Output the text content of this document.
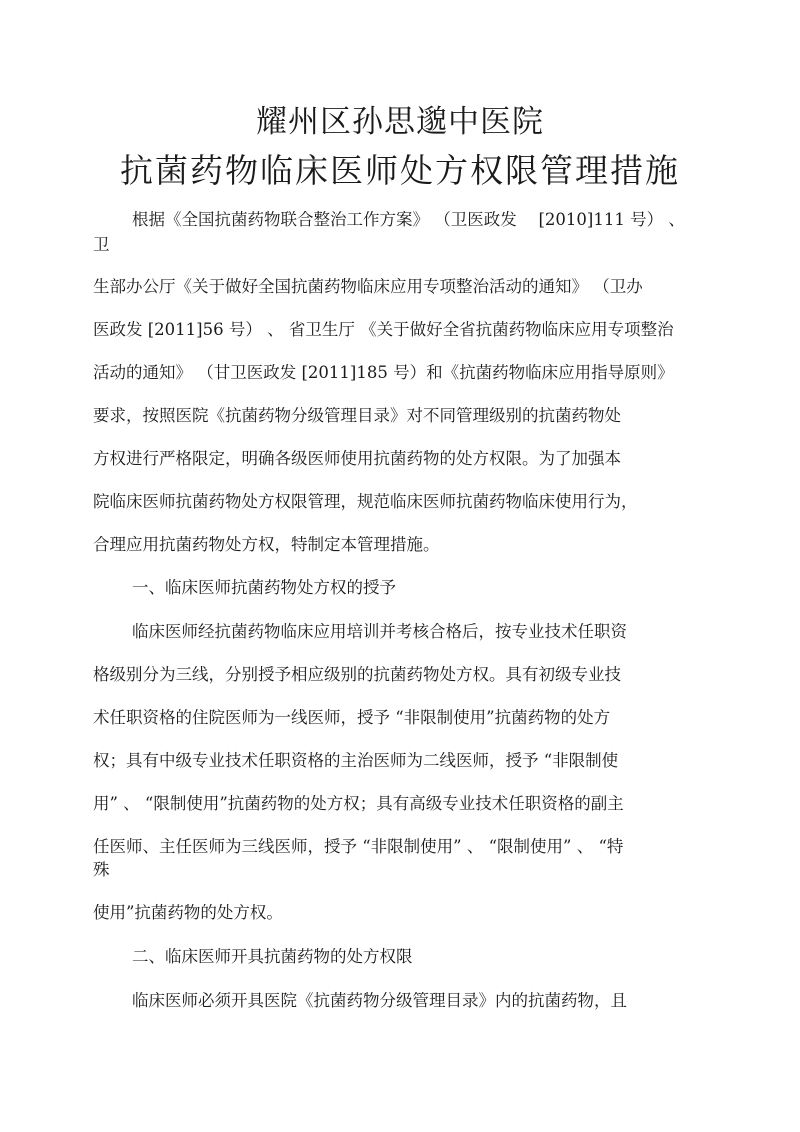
耀州区孙思邈中医院
抗菌药物临床医师处方权限管理措施
根据《全国抗菌药物联合整治工作方案》 （卫医政发 　[2010]111 号） 、
卫
生部办公厅《关于做好全国抗菌药物临床应用专项整治活动的通知》 （卫办
医政发 [2011]56 号） 、 省卫生厅 《关于做好全省抗菌药物临床应用专项整治
活动的通知》 （甘卫医政发 [2011]185 号）和《抗菌药物临床应用指导原则》
要求，按照医院《抗菌药物分级管理目录》对不同管理级别的抗菌药物处
方权进行严格限定，明确各级医师使用抗菌药物的处方权限。为了加强本
院临床医师抗菌药物处方权限管理，规范临床医师抗菌药物临床使用行为，
合理应用抗菌药物处方权，特制定本管理措施。
一、临床医师抗菌药物处方权的授予
临床医师经抗菌药物临床应用培训并考核合格后，按专业技术任职资
格级别分为三线，分别授予相应级别的抗菌药物处方权。具有初级专业技
术任职资格的住院医师为一线医师，授予 “非限制使用”抗菌药物的处方
权；具有中级专业技术任职资格的主治医师为二线医师，授予 “非限制使
用” 、 “限制使用”抗菌药物的处方权；具有高级专业技术任职资格的副主
任医师、主任医师为三线医师，授予 “非限制使用” 、 “限制使用” 、 “特
殊
使用”抗菌药物的处方权。
二、临床医师开具抗菌药物的处方权限
临床医师必须开具医院《抗菌药物分级管理目录》内的抗菌药物，且
